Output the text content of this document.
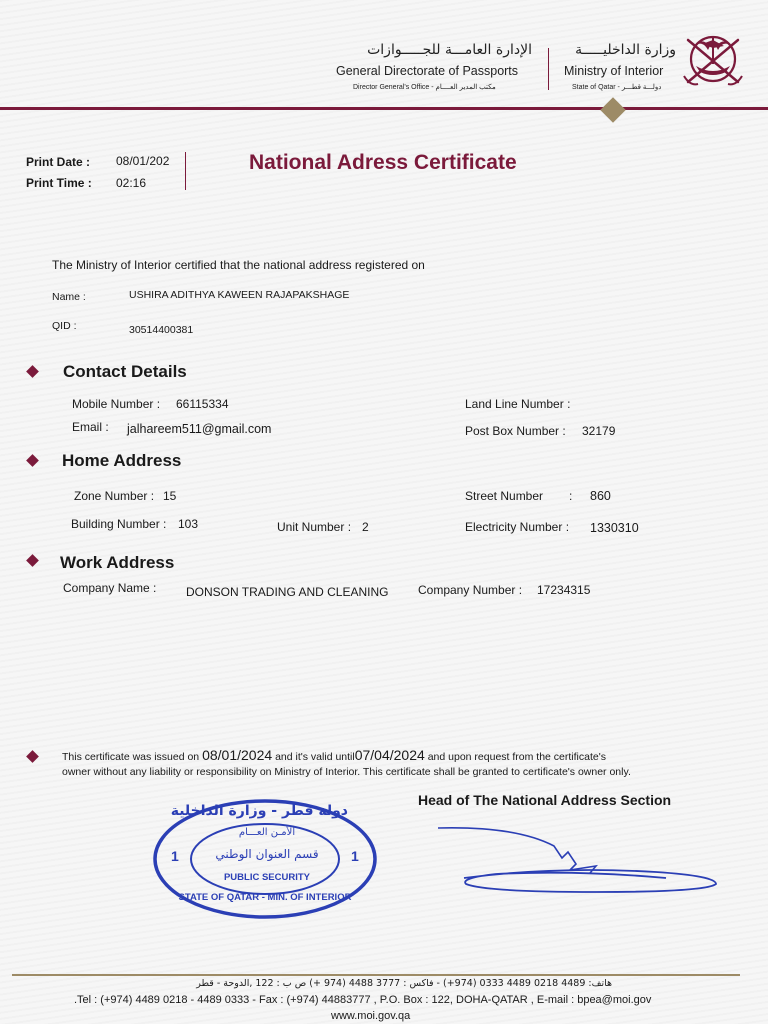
الإدارة العامـــة للجـــــوازات
General Directorate of Passports
Director General's Office - مكتب المدير العــــام
وزارة الداخليـــــة
Ministry of Interior
State of Qatar - دولـــة قطـــر
Print Date : 08/01/202
Print Time : 02:16
National Adress Certificate
The Ministry of Interior certified that the national address registered on
Name :	USHIRA ADITHYA KAWEEN RAJAPAKSHAGE
QID :	30514400381
Contact Details
Mobile Number : 66115334
Email : jalhareem511@gmail.com
Land Line Number :
Post Box Number : 32179
Home Address
Zone Number : 15
Building Number : 103	Unit Number : 2
Street Number : 860
Electricity Number : 1330310
Work Address
Company Name : DONSON TRADING AND CLEANING Company Number : 17234315
This certificate was issued on 08/01/2024 and it's valid until07/04/2024 and upon request from the certificate's
owner without any liability or responsibility on Ministry of Interior. This certificate shall be granted to certificate's owner only.
Head of The National Address Section
دولة قطر - وزارة الداخلية
الأمـن العـــام
قسم العنوان الوطني
1	1
PUBLIC SECURITY
STATE OF QATAR - MIN. OF INTERIOR
هاتف: 4489 0218 4489 0333 (974+) - فاكس : 3777 4488 (974 +) ص ب : 122 ,الدوحة - قطر
.Tel : (+974) 4489 0218 - 4489 0333 - Fax : (+974) 44883777 , P.O. Box : 122, DOHA-QATAR , E-mail : bpea@moi.gov
www.moi.gov.qa
